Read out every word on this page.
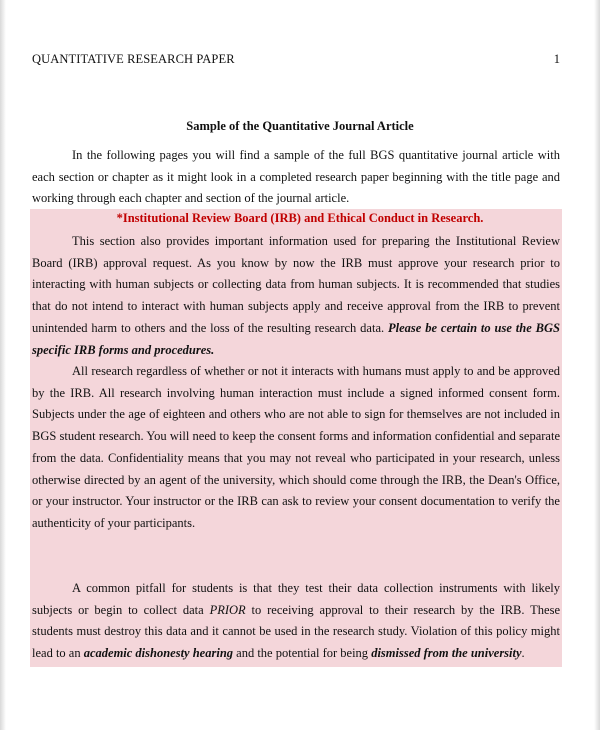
QUANTITATIVE RESEARCH PAPER	1
Sample of the Quantitative Journal Article

In the following pages you will find a sample of the full BGS quantitative journal article with each section or chapter as it might look in a completed research paper beginning with the title page and working through each chapter and section of the journal article.

*Institutional Review Board (IRB) and Ethical Conduct in Research.

This section also provides important information used for preparing the Institutional Review Board (IRB) approval request. As you know by now the IRB must approve your research prior to interacting with human subjects or collecting data from human subjects. It is recommended that studies that do not intend to interact with human subjects apply and receive approval from the IRB to prevent unintended harm to others and the loss of the resulting research data. Please be certain to use the BGS specific IRB forms and procedures.

All research regardless of whether or not it interacts with humans must apply to and be approved by the IRB. All research involving human interaction must include a signed informed consent form. Subjects under the age of eighteen and others who are not able to sign for themselves are not included in BGS student research. You will need to keep the consent forms and information confidential and separate from the data. Confidentiality means that you may not reveal who participated in your research, unless otherwise directed by an agent of the university, which should come through the IRB, the Dean's Office, or your instructor. Your instructor or the IRB can ask to review your consent documentation to verify the authenticity of your participants.

A common pitfall for students is that they test their data collection instruments with likely subjects or begin to collect data PRIOR to receiving approval to their research by the IRB. These students must destroy this data and it cannot be used in the research study. Violation of this policy might lead to an academic dishonesty hearing and the potential for being dismissed from the university.
